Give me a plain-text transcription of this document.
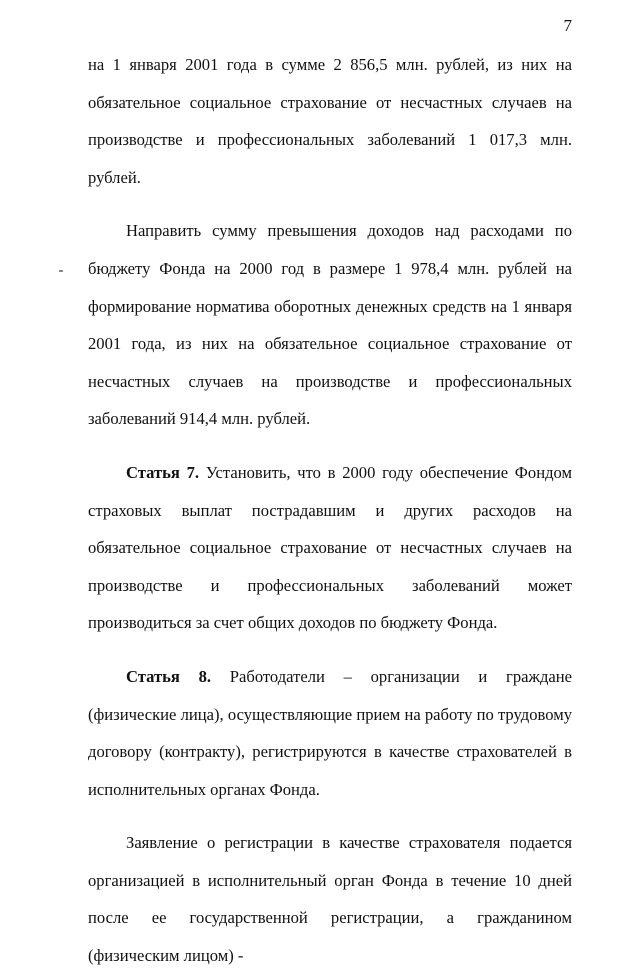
7

на 1 января 2001 года в сумме 2 856,5 млн. рублей, из них на обязательное социальное страхование от несчастных случаев на производстве и профессиональных заболеваний 1 017,3 млн. рублей.

Направить сумму превышения доходов над расходами по бюджету Фонда на 2000 год в размере 1 978,4 млн. рублей на формирование норматива оборотных денежных средств на 1 января 2001 года, из них на обязательное социальное страхование от несчастных случаев на производстве и профессиональных заболеваний 914,4 млн. рублей.

Статья 7. Установить, что в 2000 году обеспечение Фондом страховых выплат пострадавшим и других расходов на обязательное социальное страхование от несчастных случаев на производстве и профессиональных заболеваний может производиться за счет общих доходов по бюджету Фонда.

Статья 8. Работодатели – организации и граждане (физические лица), осуществляющие прием на работу по трудовому договору (контракту), регистрируются в качестве страхователей в исполнительных органах Фонда.

Заявление о регистрации в качестве страхователя подается организацией в исполнительный орган Фонда в течение 10 дней после ее государственной регистрации, а гражданином (физическим лицом) -
